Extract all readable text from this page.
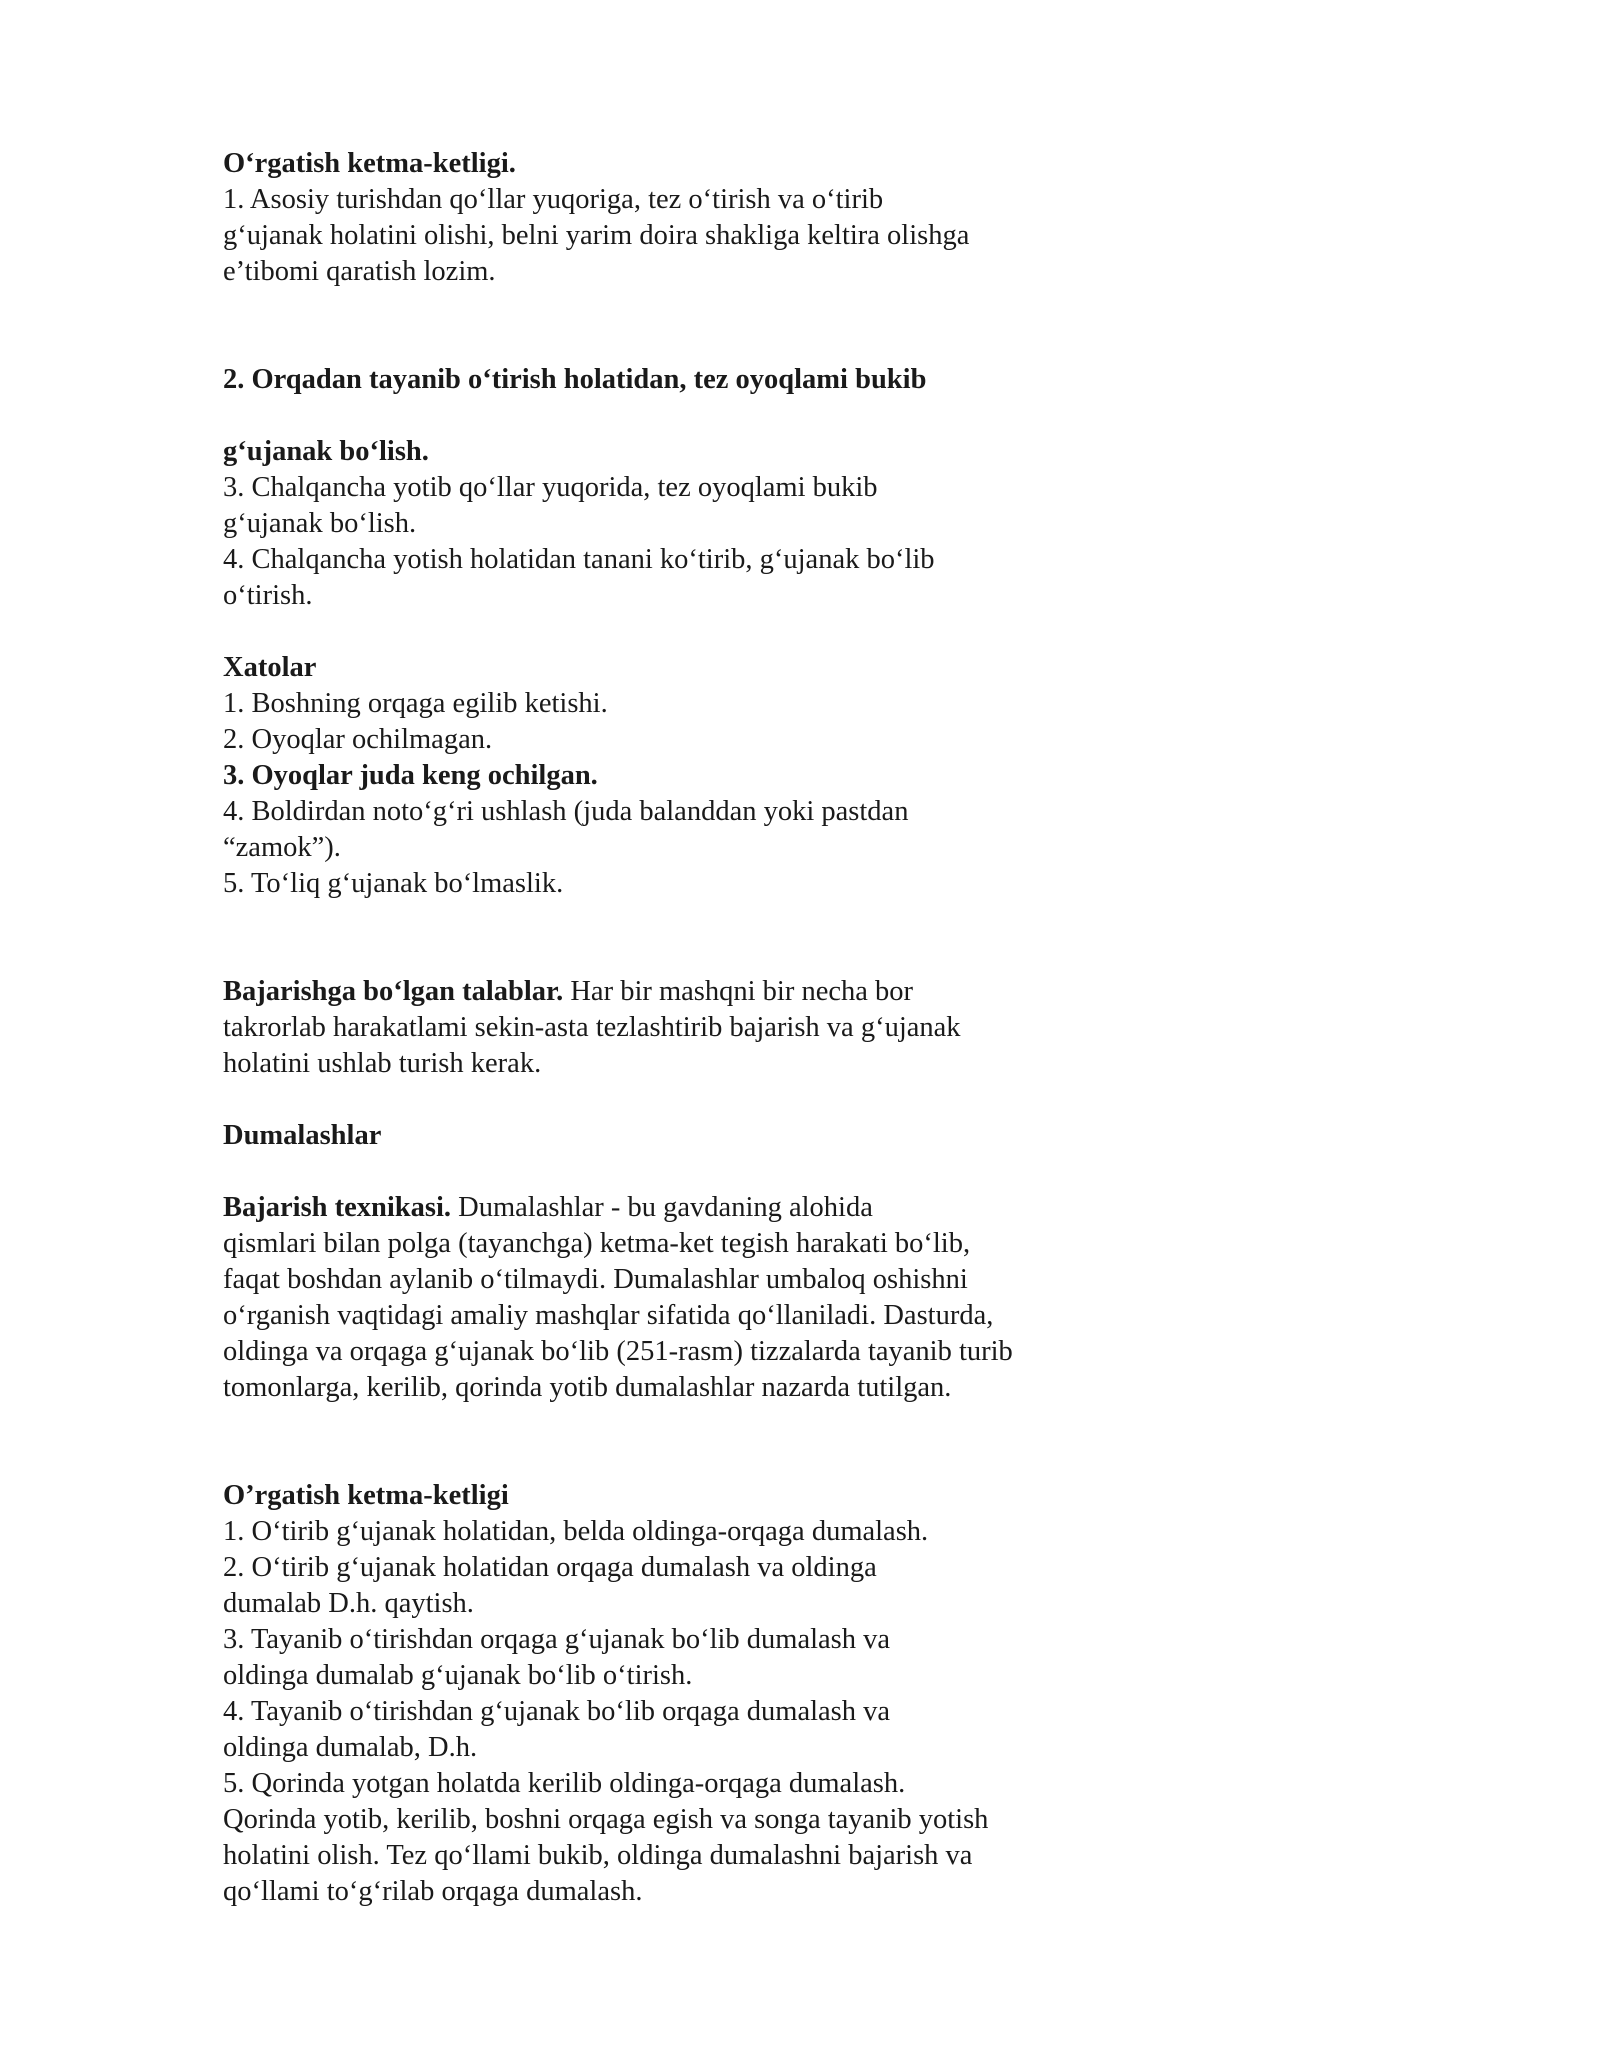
O‘rgatish ketma-ketligi.
1. Asosiy turishdan qo‘llar yuqoriga, tez o‘tirish va o‘tirib
g‘ujanak holatini olishi, belni yarim doira shakliga keltira olishga
e’tibomi qaratish lozim.
2. Orqadan tayanib o‘tirish holatidan, tez oyoqlami bukib
g‘ujanak bo‘lish.
3. Chalqancha yotib qo‘llar yuqorida, tez oyoqlami bukib
g‘ujanak bo‘lish.
4. Chalqancha yotish holatidan tanani ko‘tirib, g‘ujanak bo‘lib
o‘tirish.
Xatolar
1. Boshning orqaga egilib ketishi.
2. Oyoqlar ochilmagan.
3. Oyoqlar juda keng ochilgan.
4. Boldirdan noto‘g‘ri ushlash (juda balanddan yoki pastdan
“zamok”).
5. To‘liq g‘ujanak bo‘lmaslik.
Bajarishga bo‘lgan talablar. Har bir mashqni bir necha bor
takrorlab harakatlami sekin-asta tezlashtirib bajarish va g‘ujanak
holatini ushlab turish kerak.
Dumalashlar
Bajarish texnikasi. Dumalashlar - bu gavdaning alohida
qismlari bilan polga (tayanchga) ketma-ket tegish harakati bo‘lib,
faqat boshdan aylanib o‘tilmaydi. Dumalashlar umbaloq oshishni
o‘rganish vaqtidagi amaliy mashqlar sifatida qo‘llaniladi. Dasturda,
oldinga va orqaga g‘ujanak bo‘lib (251-rasm) tizzalarda tayanib turib
tomonlarga, kerilib, qorinda yotib dumalashlar nazarda tutilgan.
O’rgatish ketma-ketligi
1. O‘tirib g‘ujanak holatidan, belda oldinga-orqaga dumalash.
2. O‘tirib g‘ujanak holatidan orqaga dumalash va oldinga
dumalab D.h. qaytish.
3. Tayanib o‘tirishdan orqaga g‘ujanak bo‘lib dumalash va
oldinga dumalab g‘ujanak bo‘lib o‘tirish.
4. Tayanib o‘tirishdan g‘ujanak bo‘lib orqaga dumalash va
oldinga dumalab, D.h.
5. Qorinda yotgan holatda kerilib oldinga-orqaga dumalash.
Qorinda yotib, kerilib, boshni orqaga egish va songa tayanib yotish
holatini olish. Tez qo‘llami bukib, oldinga dumalashni bajarish va
qo‘llami to‘g‘rilab orqaga dumalash.
